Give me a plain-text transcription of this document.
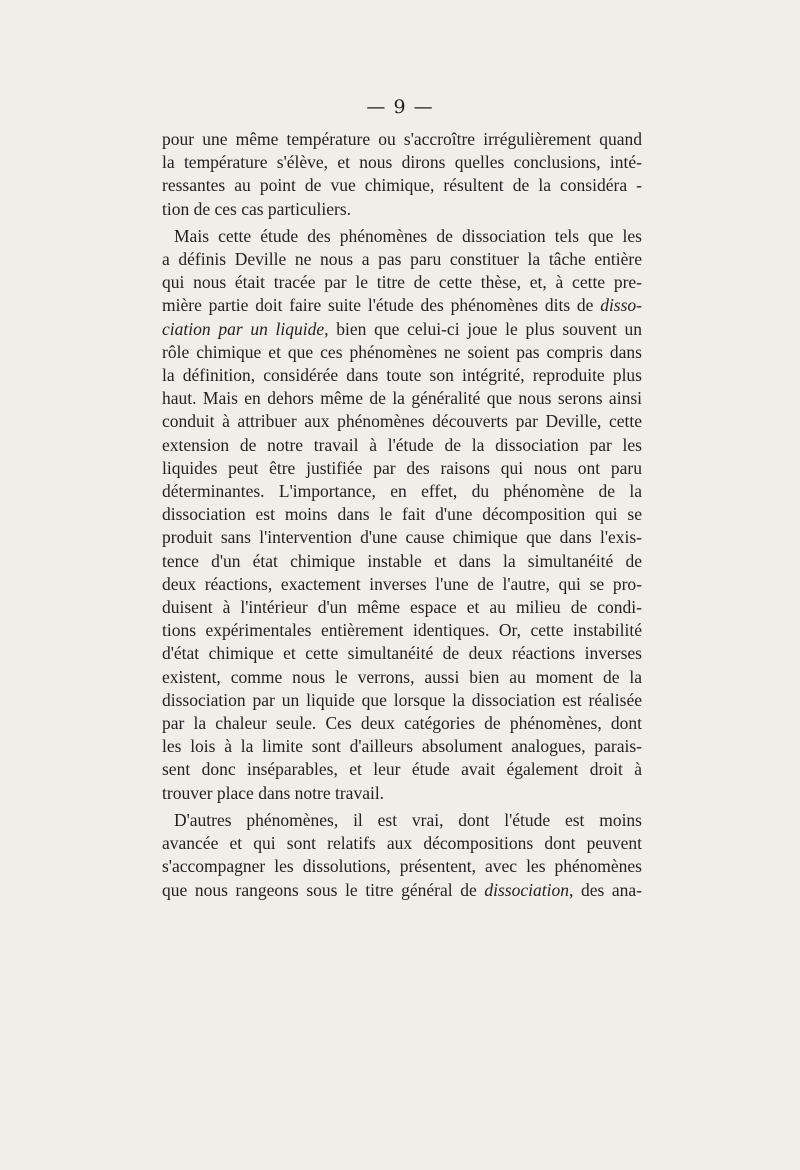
— 9 —
pour une même température ou s'accroître irrégulièrement quand
la température s'élève, et nous dirons quelles conclusions, inté-
ressantes au point de vue chimique, résultent de la considéra -
tion de ces cas particuliers.
Mais cette étude des phénomènes de dissociation tels que les
a définis Deville ne nous a pas paru constituer la tâche entière
qui nous était tracée par le titre de cette thèse, et, à cette pre-
mière partie doit faire suite l'étude des phénomènes dits de disso-
ciation par un liquide, bien que celui-ci joue le plus souvent un
rôle chimique et que ces phénomènes ne soient pas compris dans
la définition, considérée dans toute son intégrité, reproduite plus
haut. Mais en dehors même de la généralité que nous serons ainsi
conduit à attribuer aux phénomènes découverts par Deville, cette
extension de notre travail à l'étude de la dissociation par les
liquides peut être justifiée par des raisons qui nous ont paru
déterminantes. L'importance, en effet, du phénomène de la
dissociation est moins dans le fait d'une décomposition qui se
produit sans l'intervention d'une cause chimique que dans l'exis-
tence d'un état chimique instable et dans la simultanéité de
deux réactions, exactement inverses l'une de l'autre, qui se pro-
duisent à l'intérieur d'un même espace et au milieu de condi-
tions expérimentales entièrement identiques. Or, cette instabilité
d'état chimique et cette simultanéité de deux réactions inverses
existent, comme nous le verrons, aussi bien au moment de la
dissociation par un liquide que lorsque la dissociation est réalisée
par la chaleur seule. Ces deux catégories de phénomènes, dont
les lois à la limite sont d'ailleurs absolument analogues, parais-
sent donc inséparables, et leur étude avait également droit à
trouver place dans notre travail.
D'autres phénomènes, il est vrai, dont l'étude est moins
avancée et qui sont relatifs aux décompositions dont peuvent
s'accompagner les dissolutions, présentent, avec les phénomènes
que nous rangeons sous le titre général de dissociation, des ana-
